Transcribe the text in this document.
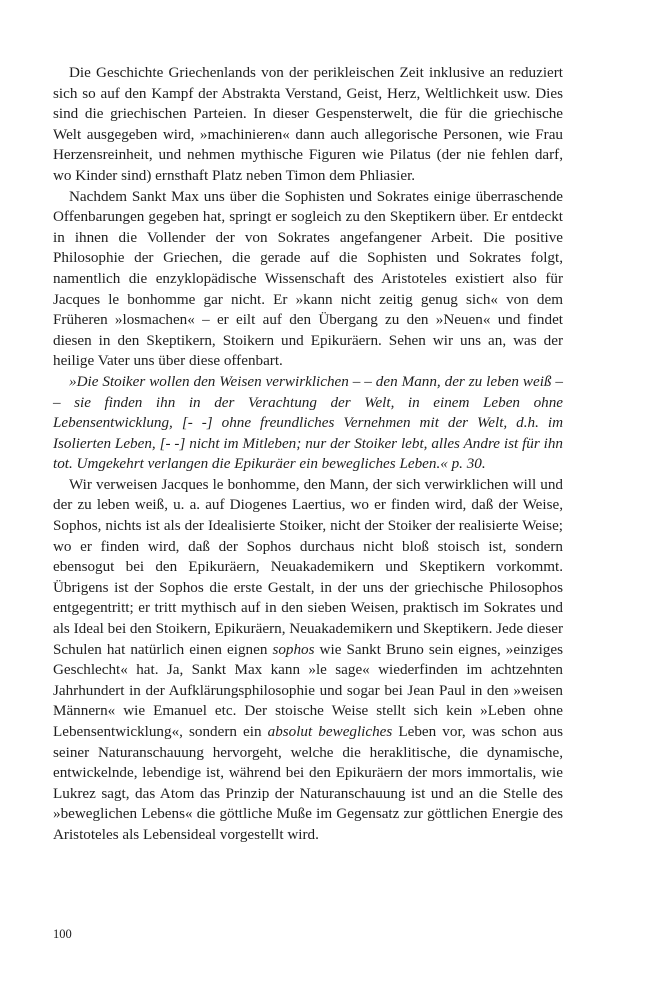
Die Geschichte Griechenlands von der perikleischen Zeit inklusive an reduziert sich so auf den Kampf der Abstrakta Verstand, Geist, Herz, Weltlichkeit usw. Dies sind die griechischen Parteien. In dieser Gespensterwelt, die für die griechische Welt ausgegeben wird, »machinieren« dann auch allegorische Personen, wie Frau Herzensreinheit, und nehmen mythische Figuren wie Pilatus (der nie fehlen darf, wo Kinder sind) ernsthaft Platz neben Timon dem Phliasier.

Nachdem Sankt Max uns über die Sophisten und Sokrates einige überraschende Offenbarungen gegeben hat, springt er sogleich zu den Skeptikern über. Er entdeckt in ihnen die Vollender der von Sokrates angefangener Arbeit. Die positive Philosophie der Griechen, die gerade auf die Sophisten und Sokrates folgt, namentlich die enzyklopädische Wissenschaft des Aristoteles existiert also für Jacques le bonhomme gar nicht. Er »kann nicht zeitig genug sich« von dem Früheren »losmachen« – er eilt auf den Übergang zu den »Neuen« und findet diesen in den Skeptikern, Stoikern und Epikuräern. Sehen wir uns an, was der heilige Vater uns über diese offenbart.

»Die Stoiker wollen den Weisen verwirklichen – – den Mann, der zu leben weiß – – sie finden ihn in der Verachtung der Welt, in einem Leben ohne Lebensentwicklung, [- -] ohne freundliches Vernehmen mit der Welt, d.h. im Isolierten Leben, [- -] nicht im Mitleben; nur der Stoiker lebt, alles Andre ist für ihn tot. Umgekehrt verlangen die Epikuräer ein bewegliches Leben.« p. 30.

Wir verweisen Jacques le bonhomme, den Mann, der sich verwirklichen will und der zu leben weiß, u. a. auf Diogenes Laertius, wo er finden wird, daß der Weise, Sophos, nichts ist als der Idealisierte Stoiker, nicht der Stoiker der realisierte Weise; wo er finden wird, daß der Sophos durchaus nicht bloß stoisch ist, sondern ebensogut bei den Epikuräern, Neuakademikern und Skeptikern vorkommt. Übrigens ist der Sophos die erste Gestalt, in der uns der griechische Philosophos entgegentritt; er tritt mythisch auf in den sieben Weisen, praktisch im Sokrates und als Ideal bei den Stoikern, Epikuräern, Neuakademikern und Skeptikern. Jede dieser Schulen hat natürlich einen eignen sophos wie Sankt Bruno sein eignes, »einziges Geschlecht« hat. Ja, Sankt Max kann »le sage« wiederfinden im achtzehnten Jahrhundert in der Aufklärungsphilosophie und sogar bei Jean Paul in den »weisen Männern« wie Emanuel etc. Der stoische Weise stellt sich kein »Leben ohne Lebensentwicklung«, sondern ein absolut bewegliches Leben vor, was schon aus seiner Naturanschauung hervorgeht, welche die heraklitische, die dynamische, entwickelnde, lebendige ist, während bei den Epikuräern der mors immortalis, wie Lukrez sagt, das Atom das Prinzip der Naturanschauung ist und an die Stelle des »beweglichen Lebens« die göttliche Muße im Gegensatz zur göttlichen Energie des Aristoteles als Lebensideal vorgestellt wird.

100
